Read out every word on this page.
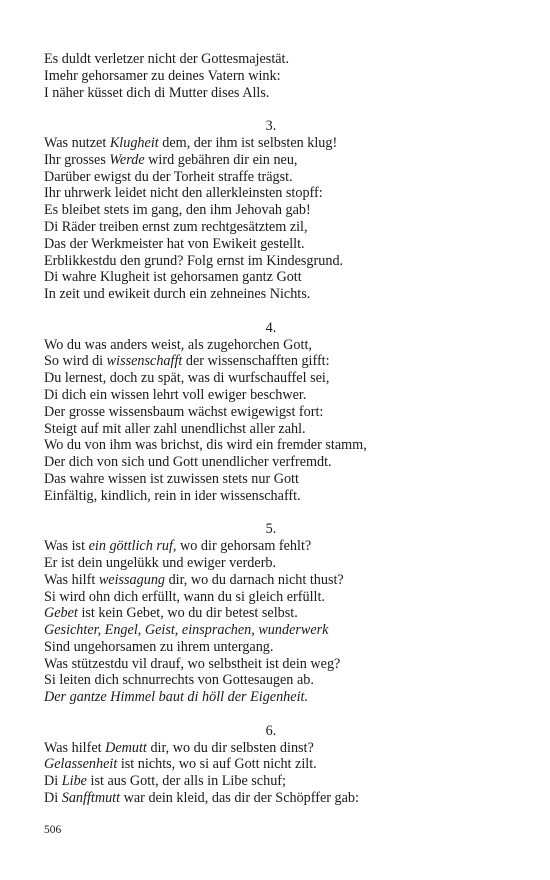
Es duldt verletzer nicht der Gottesmajestät.
Imehr gehorsamer zu deines Vatern wink:
I näher küsset dich di Mutter dises Alls.
3.
Was nutzet Klugheit dem, der ihm ist selbsten klug!
Ihr grosses Werde wird gebähren dir ein neu,
Darüber ewigst du der Torheit straffe trägst.
Ihr uhrwerk leidet nicht den allerkleinsten stopff:
Es bleibet stets im gang, den ihm Jehovah gab!
Di Räder treiben ernst zum rechtgesätztem zil,
Das der Werkmeister hat von Ewikeit gestellt.
Erblikkestdu den grund? Folg ernst im Kindesgrund.
Di wahre Klugheit ist gehorsamen gantz Gott
In zeit und ewikeit durch ein zehneines Nichts.
4.
Wo du was anders weist, als zugehorchen Gott,
So wird di wissenschafft der wissenschafften gifft:
Du lernest, doch zu spät, was di wurfschauffel sei,
Di dich ein wissen lehrt voll ewiger beschwer.
Der grosse wissensbaum wächst ewigewigst fort:
Steigt auf mit aller zahl unendlichst aller zahl.
Wo du von ihm was brichst, dis wird ein fremder stamm,
Der dich von sich und Gott unendlicher verfremdt.
Das wahre wissen ist zuwissen stets nur Gott
Einfältig, kindlich, rein in ider wissenschafft.
5.
Was ist ein göttlich ruf, wo dir gehorsam fehlt?
Er ist dein ungelükk und ewiger verderb.
Was hilft weissagung dir, wo du darnach nicht thust?
Si wird ohn dich erfüllt, wann du si gleich erfüllt.
Gebet ist kein Gebet, wo du dir betest selbst.
Gesichter, Engel, Geist, einsprachen, wunderwerk
Sind ungehorsamen zu ihrem untergang.
Was stützestdu vil drauf, wo selbstheit ist dein weg?
Si leiten dich schnurrechts von Gottesaugen ab.
Der gantze Himmel baut di höll der Eigenheit.
6.
Was hilfet Demutt dir, wo du dir selbsten dinst?
Gelassenheit ist nichts, wo si auf Gott nicht zilt.
Di Libe ist aus Gott, der alls in Libe schuf;
Di Sanfftmutt war dein kleid, das dir der Schöpffer gab:
506
